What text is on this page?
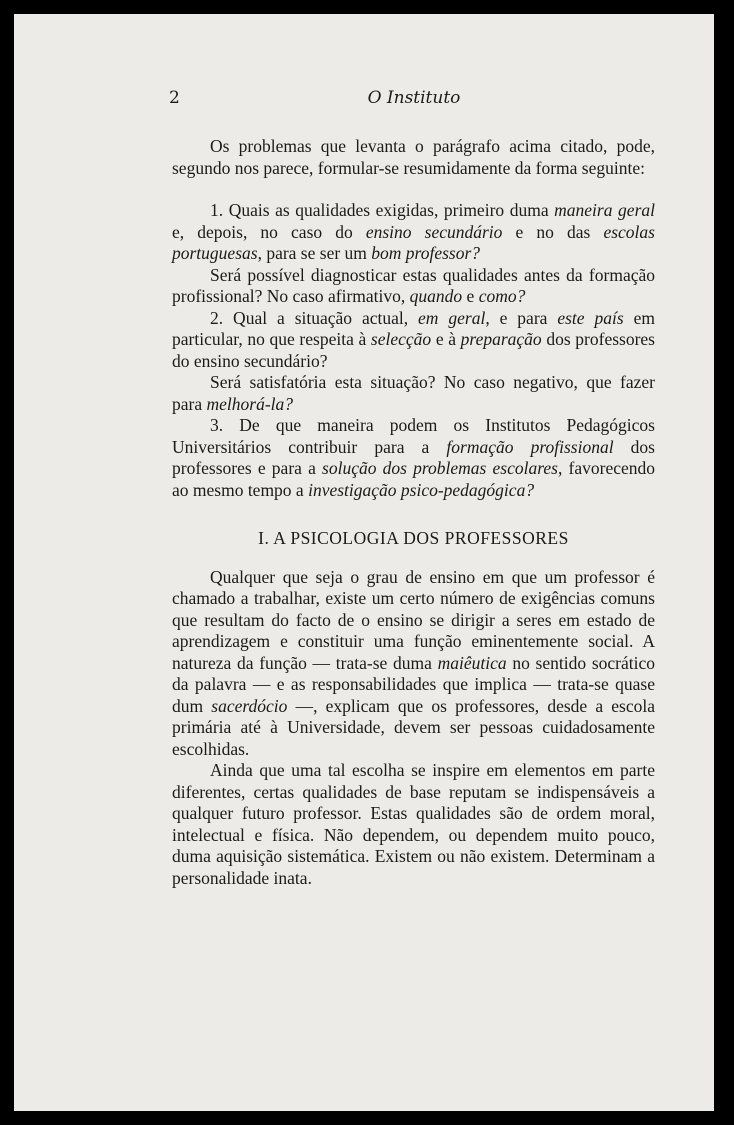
2	O Instituto

Os problemas que levanta o parágrafo acima citado, pode, segundo nos parece, formular-se resumidamente da forma seguinte:

1. Quais as qualidades exigidas, primeiro duma maneira geral e, depois, no caso do ensino secundário e no das escolas portuguesas, para se ser um bom professor?

Será possível diagnosticar estas qualidades antes da formação profissional? No caso afirmativo, quando e como?

2. Qual a situação actual, em geral, e para este país em particular, no que respeita à selecção e à preparação dos professores do ensino secundário?

Será satisfatória esta situação? No caso negativo, que fazer para melhorá-la?

3. De que maneira podem os Institutos Pedagógicos Universitários contribuir para a formação profissional dos professores e para a solução dos problemas escolares, favorecendo ao mesmo tempo a investigação psico-pedagógica?

I. A PSICOLOGIA DOS PROFESSORES

Qualquer que seja o grau de ensino em que um professor é chamado a trabalhar, existe um certo número de exigências comuns que resultam do facto de o ensino se dirigir a seres em estado de aprendizagem e constituir uma função eminentemente social. A natureza da função — trata-se duma maiêutica no sentido socrático da palavra — e as responsabilidades que implica — trata-se quase dum sacerdócio —, explicam que os professores, desde a escola primária até à Universidade, devem ser pessoas cuidadosamente escolhidas.

Ainda que uma tal escolha se inspire em elementos em parte diferentes, certas qualidades de base reputam se indispensáveis a qualquer futuro professor. Estas qualidades são de ordem moral, intelectual e física. Não dependem, ou dependem muito pouco, duma aquisição sistemática. Existem ou não existem. Determinam a personalidade inata.
